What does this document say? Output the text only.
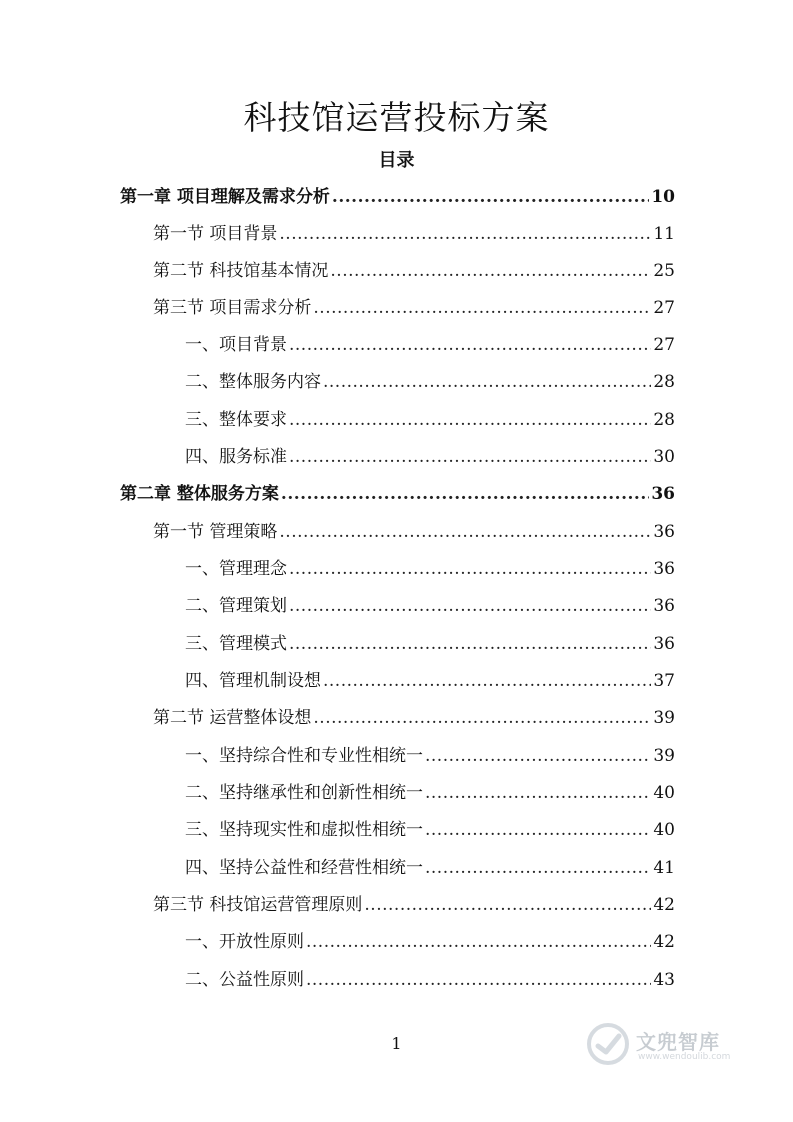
科技馆运营投标方案
目录
第一章 项目理解及需求分析 .....	10
第一节 项目背景 .....	11
第二节 科技馆基本情况 .....	25
第三节 项目需求分析 .....	27
一、项目背景 .....	27
二、整体服务内容 .....	28
三、整体要求 .....	28
四、服务标准 .....	30
第二章 整体服务方案 .....	36
第一节 管理策略 .....	36
一、管理理念 .....	36
二、管理策划 .....	36
三、管理模式 .....	36
四、管理机制设想 .....	37
第二节 运营整体设想 .....	39
一、坚持综合性和专业性相统一 .....	39
二、坚持继承性和创新性相统一 .....	40
三、坚持现实性和虚拟性相统一 .....	40
四、坚持公益性和经营性相统一 .....	41
第三节 科技馆运营管理原则 .....	42
一、开放性原则 .....	42
二、公益性原则 .....	43
1	文兜智库
www.wendoulib.com
